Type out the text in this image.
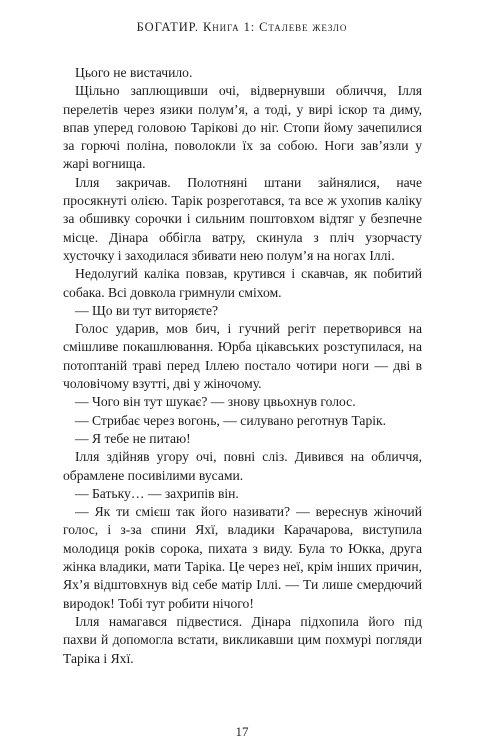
БОГАТИР. Книга 1: Сталеве жезло

Цього не вистачило.

Щільно заплющивши очі, відвернувши обличчя, Ілля перелетів через язики полум’я, а тоді, у вирі іскор та диму, впав уперед головою Тарікові до ніг. Стопи йому зачепилися за горючі поліна, поволокли їх за собою. Ноги зав’язли у жарі вогнища.

Ілля закричав. Полотняні штани зайнялися, наче просякнуті олією. Тарік розреготався, та все ж ухопив каліку за обшивку сорочки і сильним поштовхом відтяг у безпечне місце. Дінара оббігла ватру, скинула з пліч узорчасту хусточку і заходилася збивати нею полум’я на ногах Іллі.

Недолугий каліка повзав, крутився і скавчав, як побитий собака. Всі довкола гримнули сміхом.

— Що ви тут виторяєте?

Голос ударив, мов бич, і гучний регіт перетворився на смішливе покашлювання. Юрба цікавських розступилася, на потоптаній траві перед Іллею постало чотири ноги — дві в чоловічому взутті, дві у жіночому.

— Чого він тут шукає? — знову цвьохнув голос.

— Стрибає через вогонь, — силувано реготнув Тарік.

— Я тебе не питаю!

Ілля здійняв угору очі, повні сліз. Дивився на обличчя, обрамлене посивілими вусами.

— Батьку… — захрипів він.

— Як ти смієш так його називати? — вереснув жіночий голос, і з-за спини Яхї, владики Карачарова, виступила молодиця років сорока, пихата з виду. Була то Юкка, друга жінка владики, мати Таріка. Це через неї, крім інших причин, Ях’я відштовхнув від себе матір Іллі. — Ти лише смердючий виродок! Тобі тут робити нічого!

Ілля намагався підвестися. Дінара підхопила його під пахви й допомогла встати, викликавши цим похмурі погляди Таріка і Яхї.

17
